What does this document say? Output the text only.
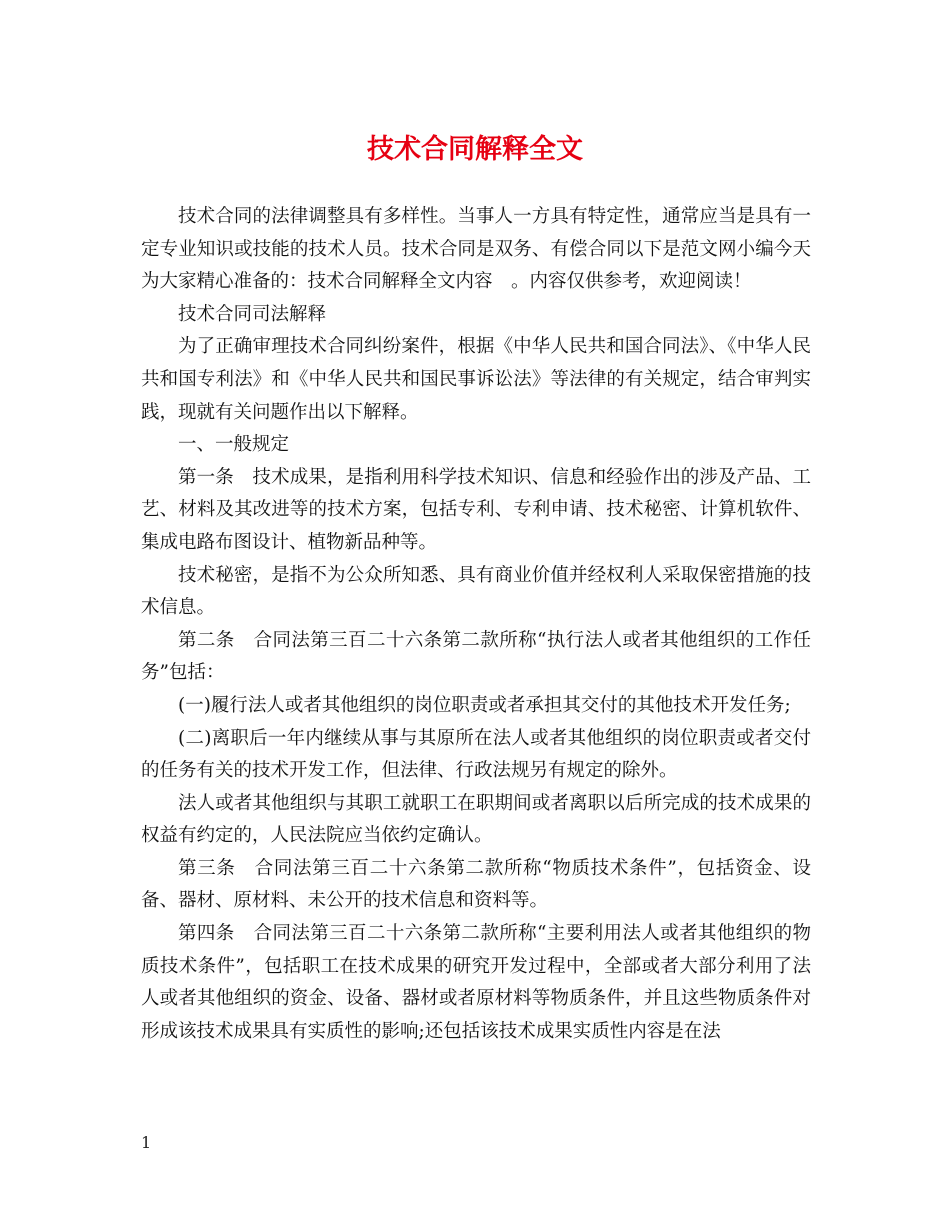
技术合同解释全文

技术合同的法律调整具有多样性。当事人一方具有特定性，通常应当是具有一定专业知识或技能的技术人员。技术合同是双务、有偿合同以下是范文网小编今天为大家精心准备的：技术合同解释全文内容　。内容仅供参考，欢迎阅读！

技术合同司法解释

为了正确审理技术合同纠纷案件，根据《中华人民共和国合同法》、《中华人民共和国专利法》和《中华人民共和国民事诉讼法》等法律的有关规定，结合审判实践，现就有关问题作出以下解释。

一、一般规定

第一条　技术成果，是指利用科学技术知识、信息和经验作出的涉及产品、工艺、材料及其改进等的技术方案，包括专利、专利申请、技术秘密、计算机软件、集成电路布图设计、植物新品种等。

技术秘密，是指不为公众所知悉、具有商业价值并经权利人采取保密措施的技术信息。

第二条　合同法第三百二十六条第二款所称“执行法人或者其他组织的工作任务”包括：

(一)履行法人或者其他组织的岗位职责或者承担其交付的其他技术开发任务;

(二)离职后一年内继续从事与其原所在法人或者其他组织的岗位职责或者交付的任务有关的技术开发工作，但法律、行政法规另有规定的除外。

法人或者其他组织与其职工就职工在职期间或者离职以后所完成的技术成果的权益有约定的，人民法院应当依约定确认。

第三条　合同法第三百二十六条第二款所称“物质技术条件”，包括资金、设备、器材、原材料、未公开的技术信息和资料等。

第四条　合同法第三百二十六条第二款所称“主要利用法人或者其他组织的物质技术条件”，包括职工在技术成果的研究开发过程中，全部或者大部分利用了法人或者其他组织的资金、设备、器材或者原材料等物质条件，并且这些物质条件对形成该技术成果具有实质性的影响;还包括该技术成果实质性内容是在法

1
